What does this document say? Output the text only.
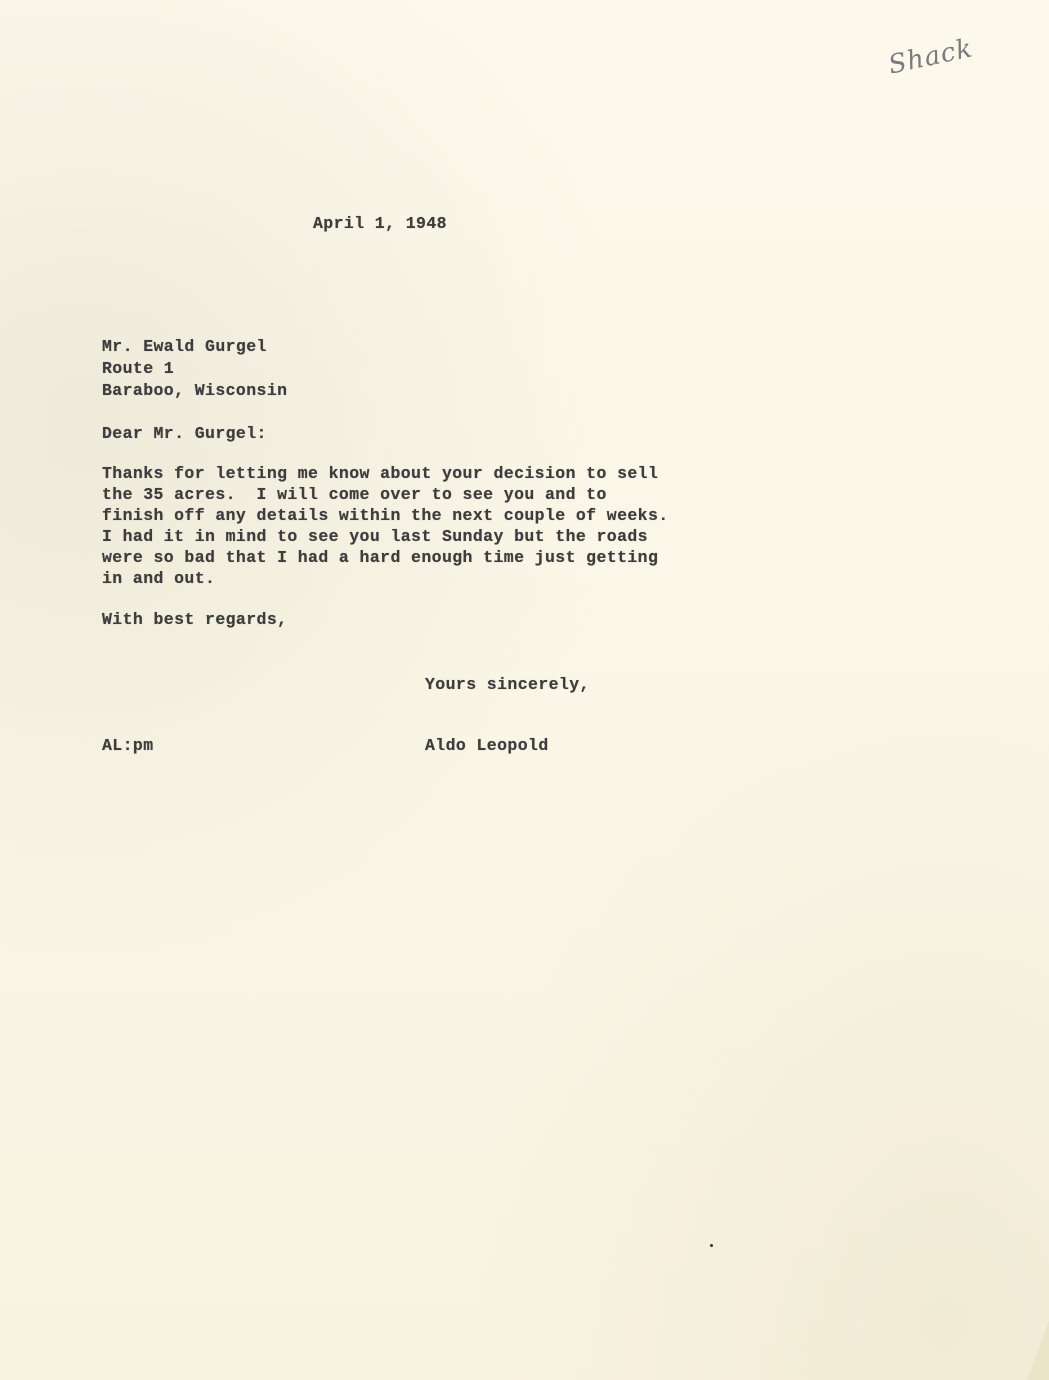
Shack
April 1, 1948
Mr. Ewald Gurgel
Route 1
Baraboo, Wisconsin
Dear Mr. Gurgel:
Thanks for letting me know about your decision to sell
the 35 acres.  I will come over to see you and to
finish off any details within the next couple of weeks.
I had it in mind to see you last Sunday but the roads
were so bad that I had a hard enough time just getting
in and out.
With best regards,
Yours sincerely,
AL:pm	Aldo Leopold
